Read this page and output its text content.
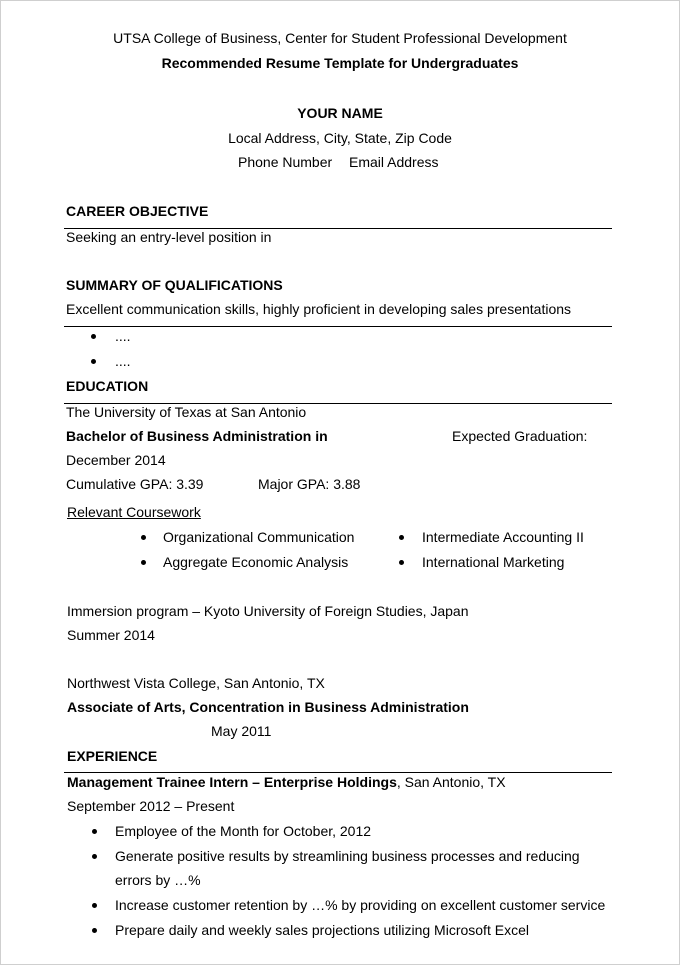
UTSA College of Business, Center for Student Professional Development
Recommended Resume Template for Undergraduates
YOUR NAME
Local Address, City, State, Zip Code
Phone Number Email Address
CAREER OBJECTIVE
Seeking an entry-level position in
SUMMARY OF QUALIFICATIONS
Excellent communication skills, highly proficient in developing sales presentations
....
....
EDUCATION
The University of Texas at San Antonio
Bachelor of Business Administration in	Expected Graduation:
December 2014
Cumulative GPA: 3.39	Major GPA: 3.88
Relevant Coursework
Organizational Communication	Intermediate Accounting II
Aggregate Economic Analysis	International Marketing
Immersion program – Kyoto University of Foreign Studies, Japan
Summer 2014
Northwest Vista College, San Antonio, TX
Associate of Arts, Concentration in Business Administration
May 2011
EXPERIENCE
Management Trainee Intern – Enterprise Holdings, San Antonio, TX
September 2012 – Present
Employee of the Month for October, 2012
Generate positive results by streamlining business processes and reducing
errors by …%
Increase customer retention by …% by providing on excellent customer service
Prepare daily and weekly sales projections utilizing Microsoft Excel
